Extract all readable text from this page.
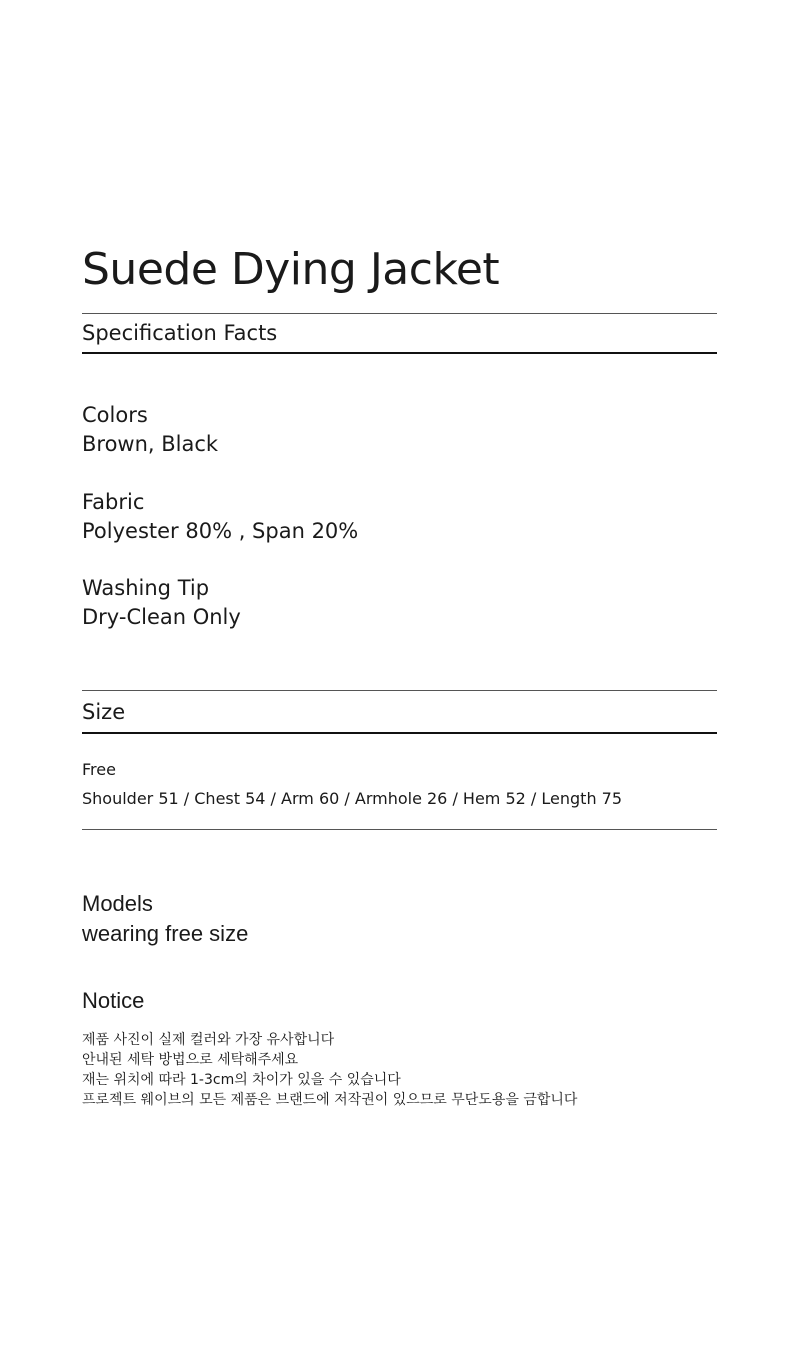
Suede Dying Jacket
Specification Facts
Colors
Brown, Black
Fabric
Polyester 80% , Span 20%
Washing Tip
Dry-Clean Only
Size
Free
Shoulder 51 / Chest 54 / Arm 60 / Armhole 26 / Hem 52 / Length 75
Models
wearing free size
Notice
제품 사진이 실제 컬러와 가장 유사합니다
안내된 세탁 방법으로 세탁해주세요
재는 위치에 따라 1-3cm의 차이가 있을 수 있습니다
프로젝트 웨이브의 모든 제품은 브랜드에 저작권이 있으므로 무단도용을 금합니다
